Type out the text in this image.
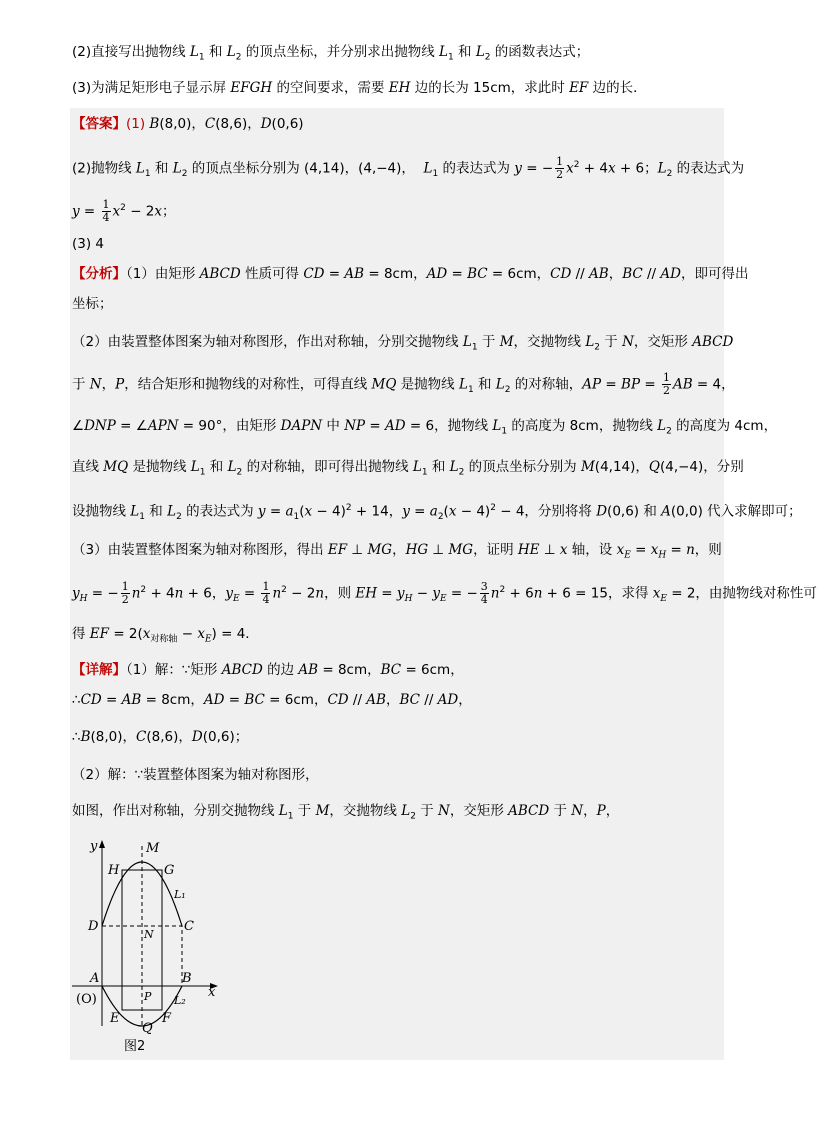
(2)直接写出抛物线 $L_1$ 和 $L_2$ 的顶点坐标，并分别求出抛物线 $L_1$ 和 $L_2$ 的函数表达式；
(3)为满足矩形电子显示屏 EFGH 的空间要求，需要 EH 边的长为 15cm，求此时 EF 边的长．
【答案】(1) B(8,0)，C(8,6)，D(0,6)
(2)抛物线 $L_1$ 和 $L_2$ 的顶点坐标分别为 (4,14)，(4,−4)，  $L_1$ 的表达式为 y = − $\frac{1}{2} x^2 + 4x + 6$；$L_2$ 的表达式为
$y = \frac{1}{4} x^2 - 2x$；
(3) 4
【分析】（1）由矩形 ABCD 性质可得 CD = AB = 8cm，AD = BC = 6cm，CD // AB，BC // AD，即可得出
坐标；
（2）由装置整体图案为轴对称图形，作出对称轴，分别交抛物线 $L_1$ 于 M，交抛物线 $L_2$ 于 N，交矩形 ABCD
于 N，P，结合矩形和抛物线的对称性，可得直线 MQ 是抛物线 $L_1$ 和 $L_2$ 的对称轴，AP = BP = $\frac{1}{2}$ AB = 4，
∠DNP = ∠APN = 90°，由矩形 DAPN 中 NP = AD = 6，抛物线 $L_1$ 的高度为 8cm，抛物线 $L_2$ 的高度为 4cm，
直线 MQ 是抛物线 $L_1$ 和 $L_2$ 的对称轴，即可得出抛物线 $L_1$ 和 $L_2$ 的顶点坐标分别为 M(4,14)，Q(4,−4)，分别
设抛物线 $L_1$ 和 $L_2$ 的表达式为 $y = a_1(x - 4)^2 + 14$，$y = a_2(x - 4)^2 - 4$，分别将将 D(0,6) 和 A(0,0) 代入求解即可；
（3）由装置整体图案为轴对称图形，得出 EF ⊥ MG，HG ⊥ MG，证明 HE ⊥ x 轴，设 $x_E = x_H = n$，则
$y_H$ = − $\frac{1}{2} n^2 + 4n + 6$，$y_E = \frac{1}{4} n^2 - 2n$，则 EH = $y_H - y_E$ = − $\frac{3}{4} n^2 + 6n + 6 = 15$，求得 $x_E = 2$，由抛物线对称性可
得 EF = $2(x_{对称轴} - x_E) = 4$．
【详解】（1）解：∵矩形 ABCD 的边 AB = 8cm，BC = 6cm，
∴CD = AB = 8cm，AD = BC = 6cm，CD // AB，BC // AD，
∴B(8,0)，C(8,6)，D(0,6)；
（2）解：∵装置整体图案为轴对称图形，
如图，作出对称轴，分别交抛物线 $L_1$ 于 M，交抛物线 $L_2$ 于 N，交矩形 ABCD 于 N，P，
y	M
H	G
L₁
D	C
N
A	B
(O)	P L₂
x
E	F
Q
图2
